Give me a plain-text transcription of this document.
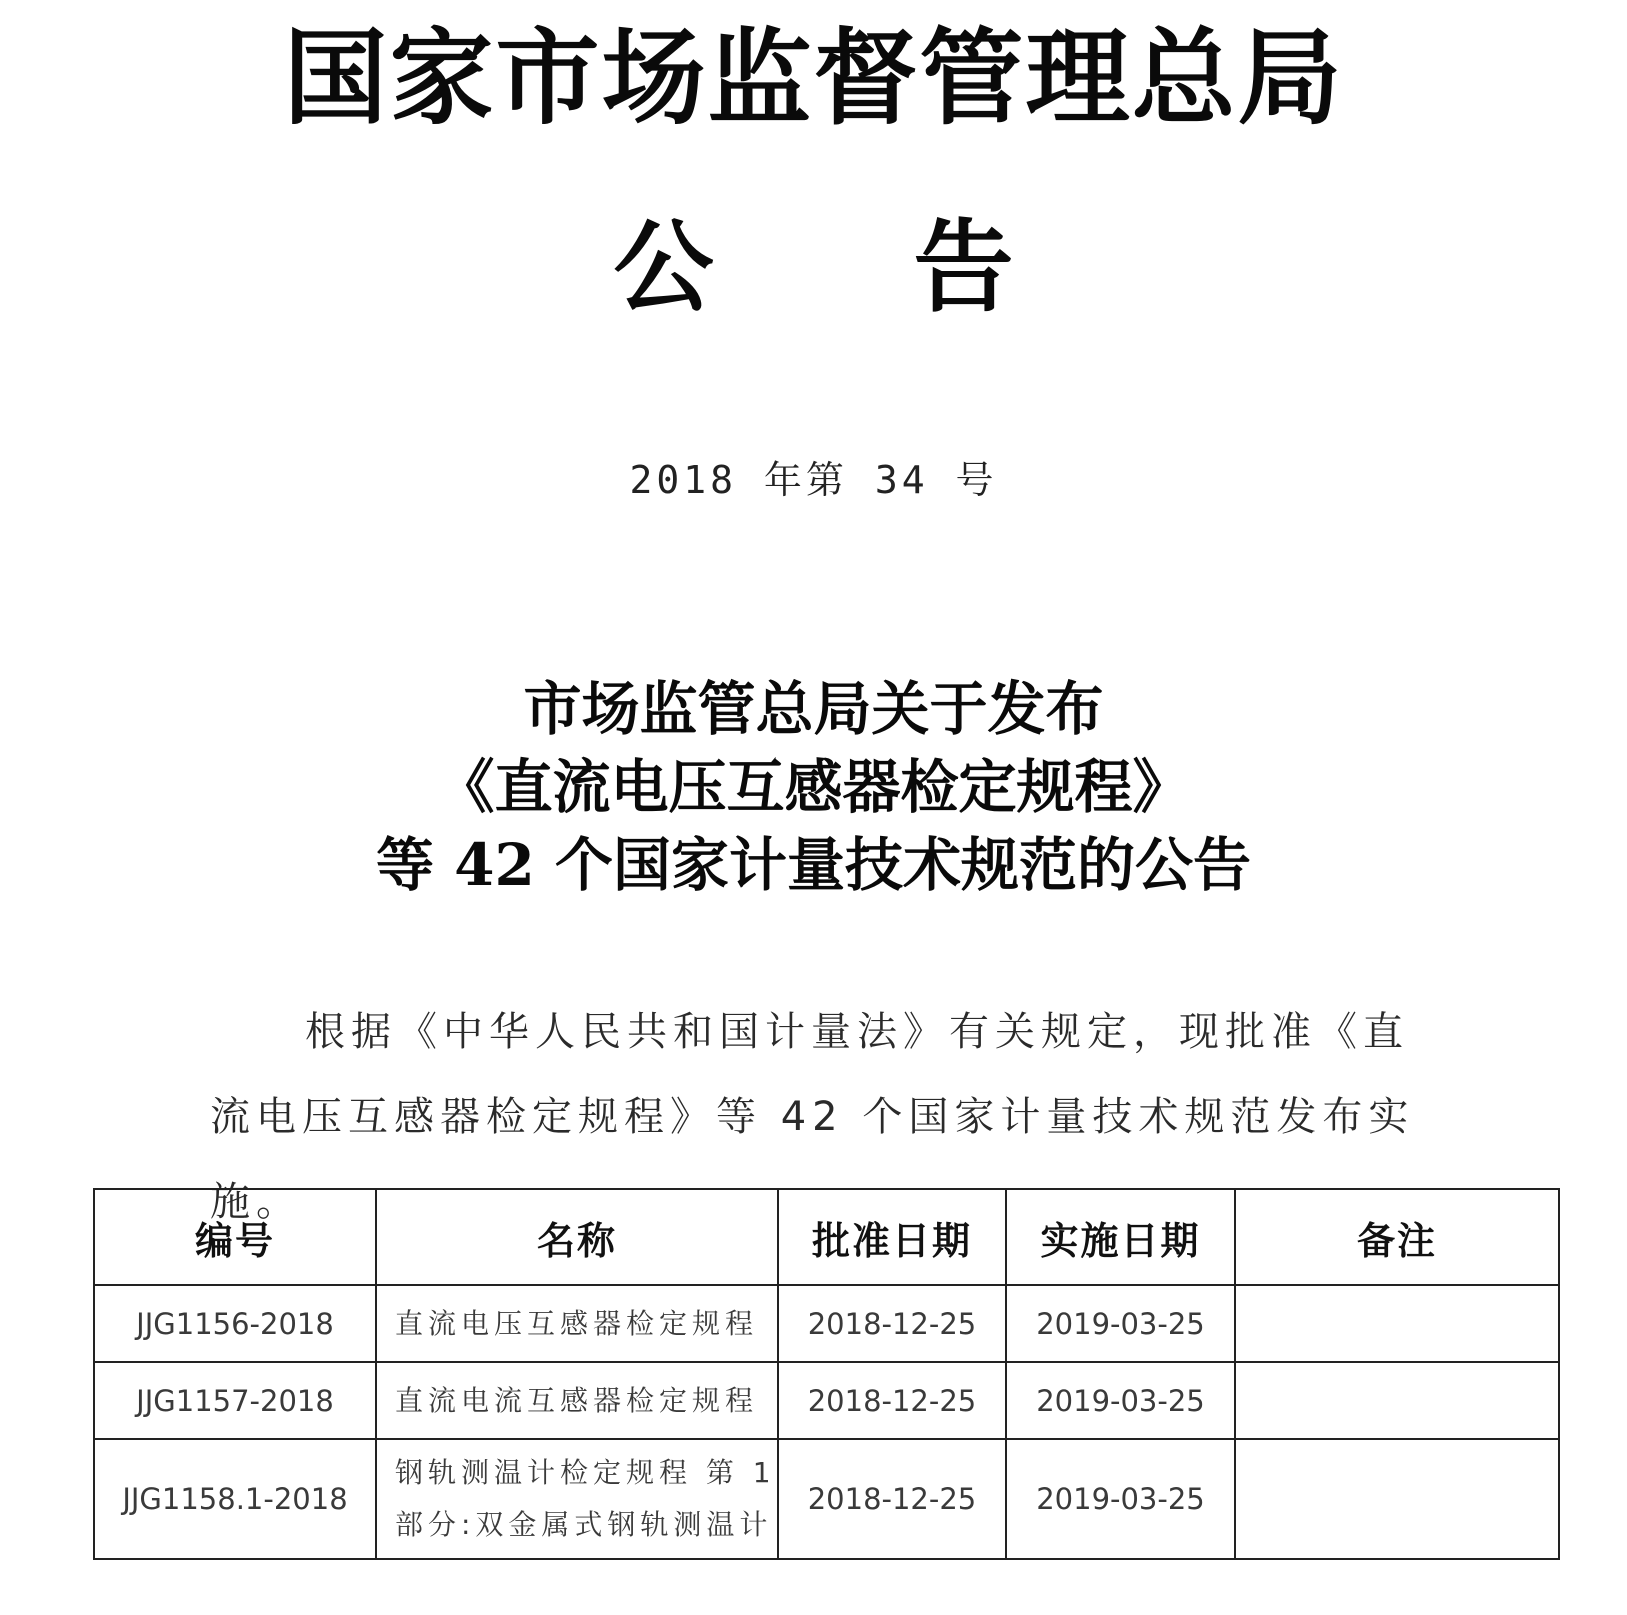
国家市场监督管理总局
公告
2018 年第 34 号
市场监管总局关于发布
《直流电压互感器检定规程》
等 42 个国家计量技术规范的公告
根据《中华人民共和国计量法》有关规定，现批准《直流电压互感器检定规程》等 42 个国家计量技术规范发布实施。
编号	名称	批准日期	实施日期	备注
JJG1156-2018	直流电压互感器检定规程	2018-12-25	2019-03-25	
JJG1157-2018	直流电流互感器检定规程	2018-12-25	2019-03-25	
JJG1158.1-2018	钢轨测温计检定规程 第 1 部分:双金属式钢轨测温计	2018-12-25	2019-03-25	
